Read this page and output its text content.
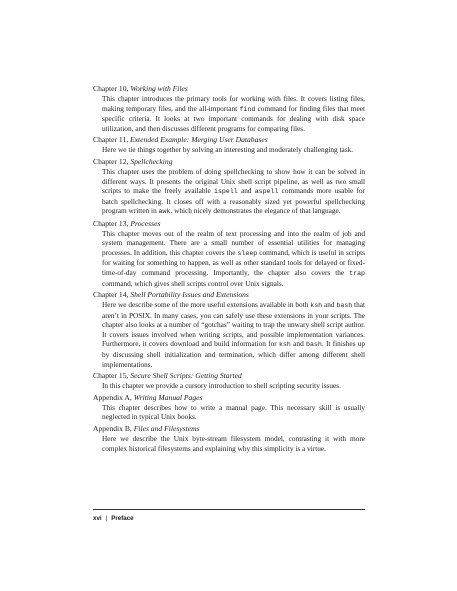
Chapter 10, Working with Files
This chapter introduces the primary tools for working with files. It covers listing files, making temporary files, and the all-important find command for finding files that meet specific criteria. It looks at two important commands for dealing with disk space utilization, and then discusses different programs for comparing files.
Chapter 11, Extended Example: Merging User Databases
Here we tie things together by solving an interesting and moderately challenging task.
Chapter 12, Spellchecking
This chapter uses the problem of doing spellchecking to show how it can be solved in different ways. It presents the original Unix shell script pipeline, as well as two small scripts to make the freely available ispell and aspell commands more usable for batch spellchecking. It closes off with a reasonably sized yet powerful spellchecking program written in awk, which nicely demonstrates the elegance of that language.
Chapter 13, Processes
This chapter moves out of the realm of text processing and into the realm of job and system management. There are a small number of essential utilities for managing processes. In addition, this chapter covers the sleep command, which is useful in scripts for waiting for something to happen, as well as other standard tools for delayed or fixed-time-of-day command processing. Importantly, the chapter also covers the trap command, which gives shell scripts control over Unix signals.
Chapter 14, Shell Portability Issues and Extensions
Here we describe some of the more useful extensions available in both ksh and bash that aren’t in POSIX. In many cases, you can safely use these extensions in your scripts. The chapter also looks at a number of “gotchas” waiting to trap the unwary shell script author. It covers issues involved when writing scripts, and possible implementation variances. Furthermore, it covers download and build information for ksh and bash. It finishes up by discussing shell initialization and termination, which differ among different shell implementations.
Chapter 15, Secure Shell Scripts: Getting Started
In this chapter we provide a cursory introduction to shell scripting security issues.
Appendix A, Writing Manual Pages
This chapter describes how to write a manual page. This necessary skill is usually neglected in typical Unix books.
Appendix B, Files and Filesystems
Here we describe the Unix byte-stream filesystem model, contrasting it with more complex historical filesystems and explaining why this simplicity is a virtue.
xvi | Preface
